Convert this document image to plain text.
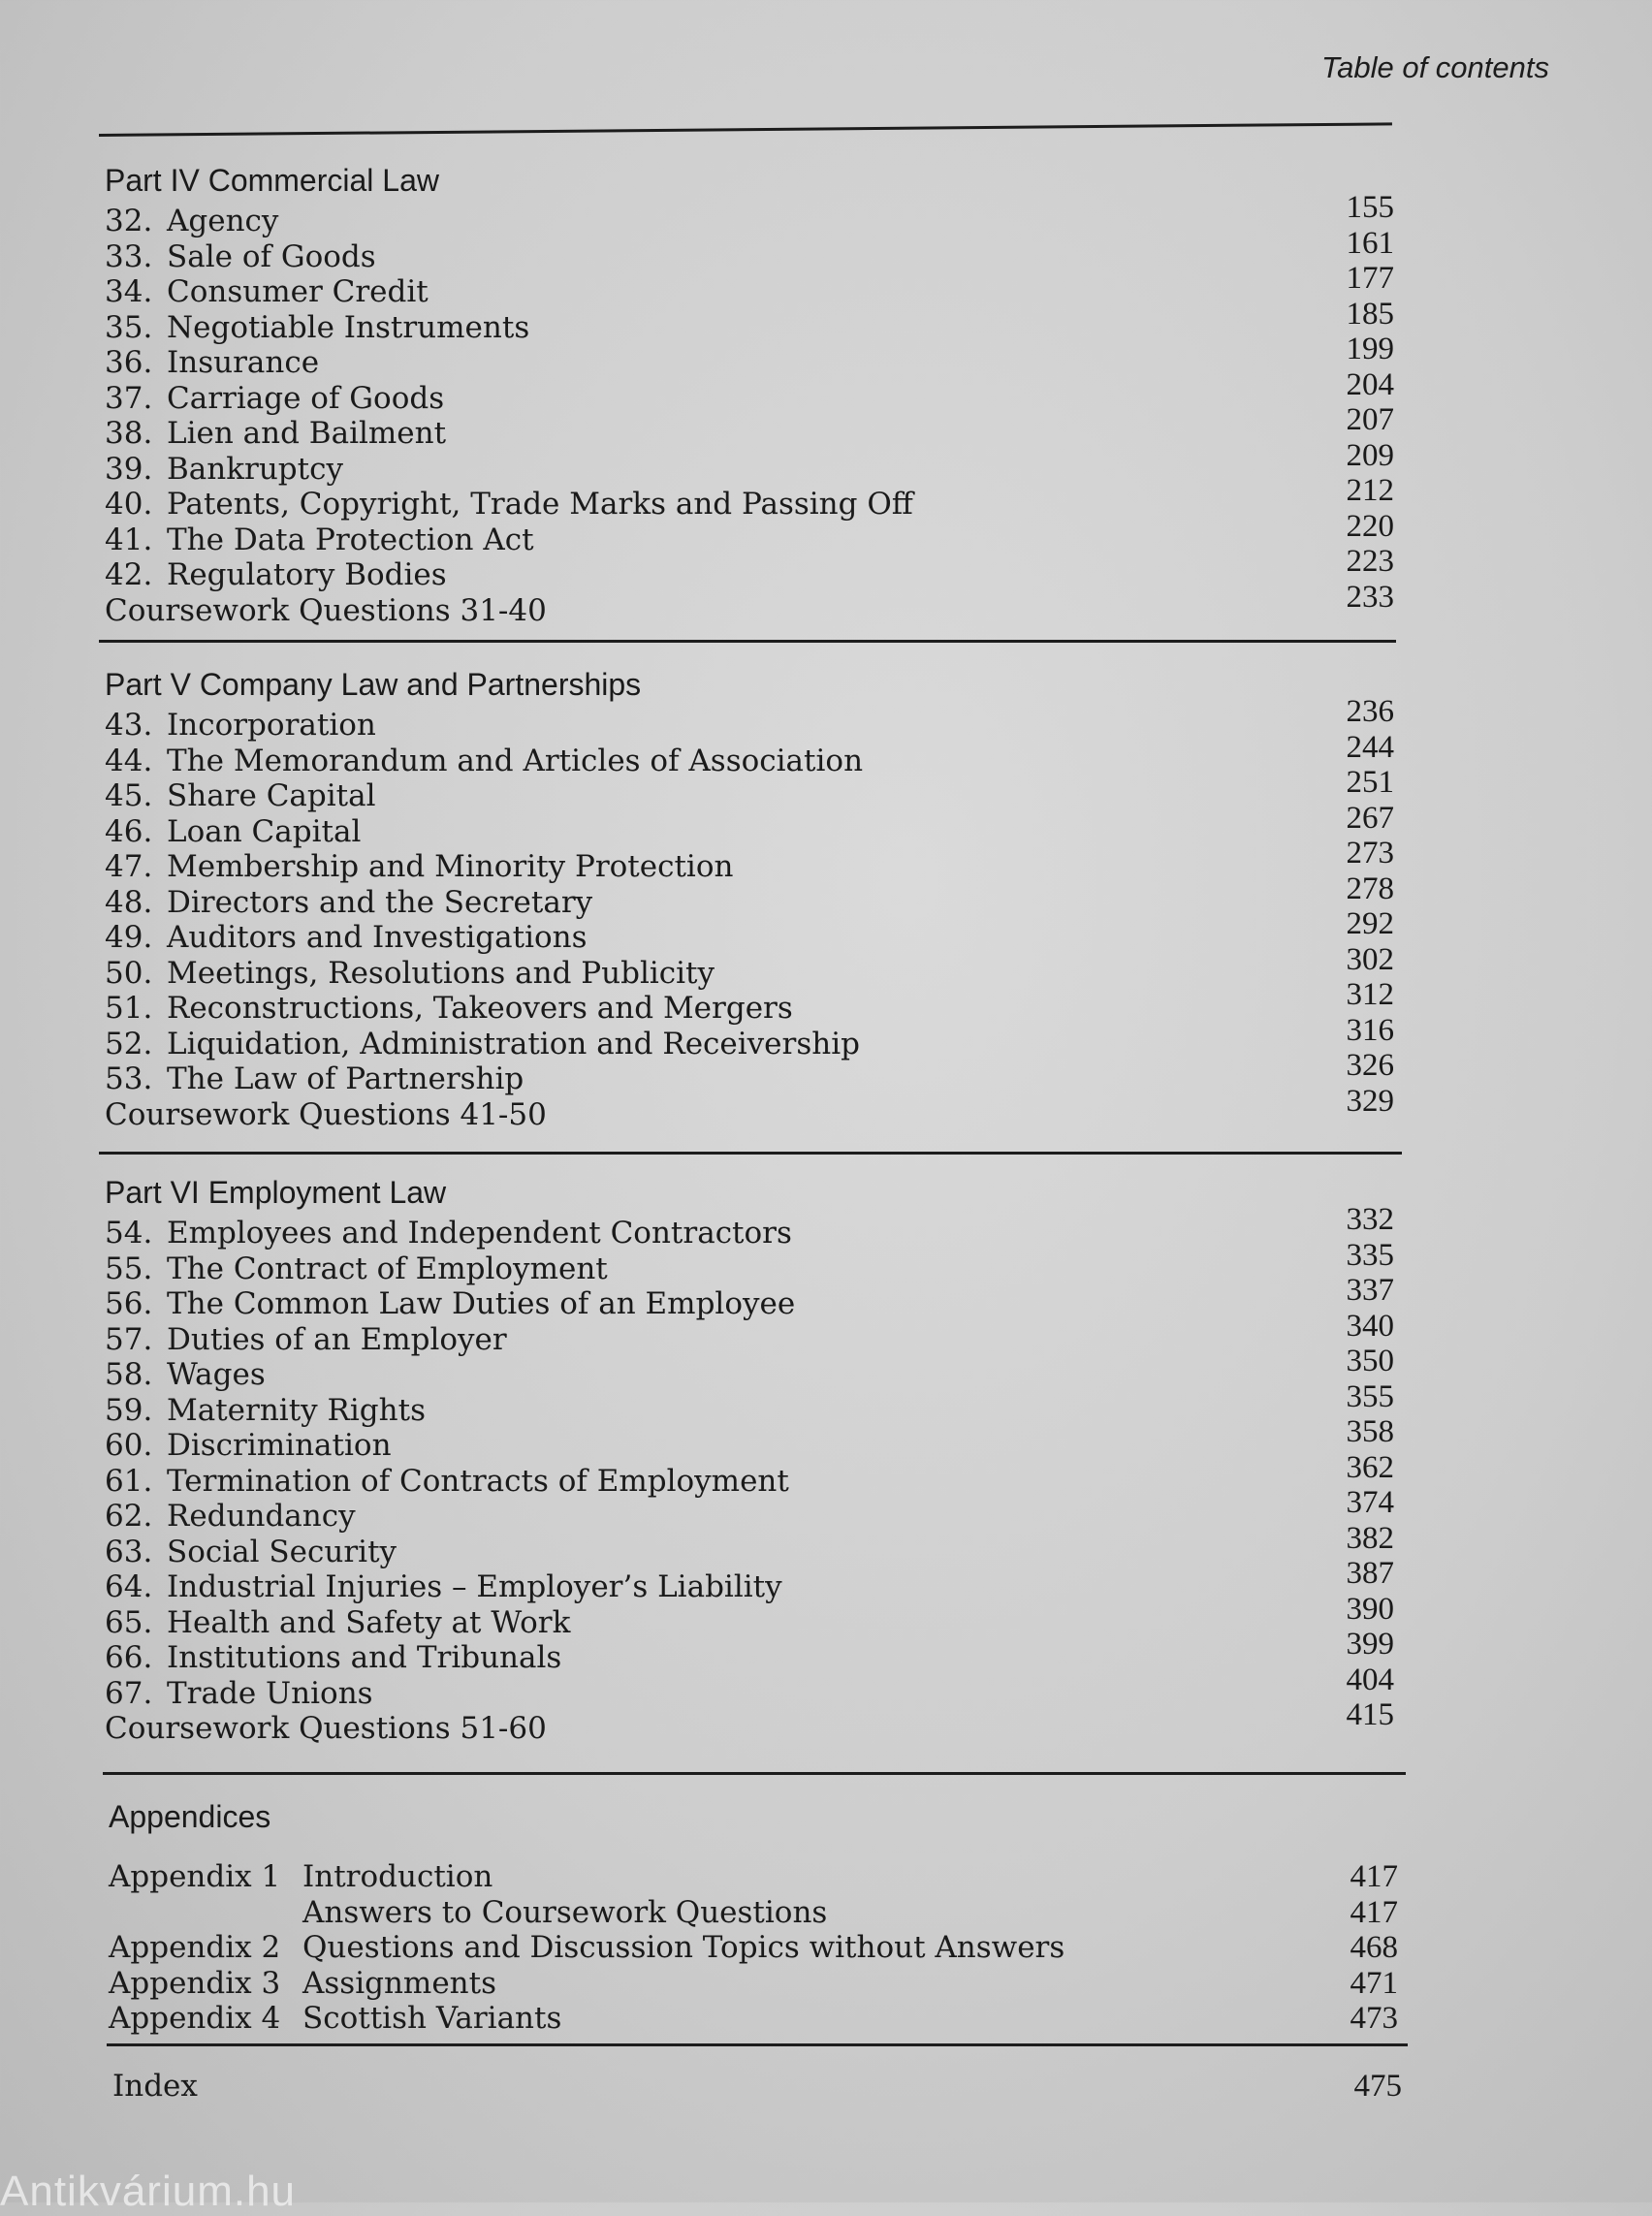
Table of contents
Part IV Commercial Law
32. Agency	155
33. Sale of Goods	161
34. Consumer Credit	177
35. Negotiable Instruments	185
36. Insurance	199
37. Carriage of Goods	204
38. Lien and Bailment	207
39. Bankruptcy	209
40. Patents, Copyright, Trade Marks and Passing Off	212
41. The Data Protection Act	220
42. Regulatory Bodies	223
Coursework Questions 31-40	233
Part V Company Law and Partnerships
43. Incorporation	236
44. The Memorandum and Articles of Association	244
45. Share Capital	251
46. Loan Capital	267
47. Membership and Minority Protection	273
48. Directors and the Secretary	278
49. Auditors and Investigations	292
50. Meetings, Resolutions and Publicity	302
51. Reconstructions, Takeovers and Mergers	312
52. Liquidation, Administration and Receivership	316
53. The Law of Partnership	326
Coursework Questions 41-50	329
Part VI Employment Law
54. Employees and Independent Contractors	332
55. The Contract of Employment	335
56. The Common Law Duties of an Employee	337
57. Duties of an Employer	340
58. Wages	350
59. Maternity Rights	355
60. Discrimination	358
61. Termination of Contracts of Employment	362
62. Redundancy	374
63. Social Security	382
64. Industrial Injuries – Employer’s Liability	387
65. Health and Safety at Work	390
66. Institutions and Tribunals	399
67. Trade Unions	404
Coursework Questions 51-60	415
Appendices
Appendix 1 Introduction	417
Answers to Coursework Questions	417
Appendix 2 Questions and Discussion Topics without Answers	468
Appendix 3 Assignments	471
Appendix 4 Scottish Variants	473
Index	475
Antikvárium.hu
